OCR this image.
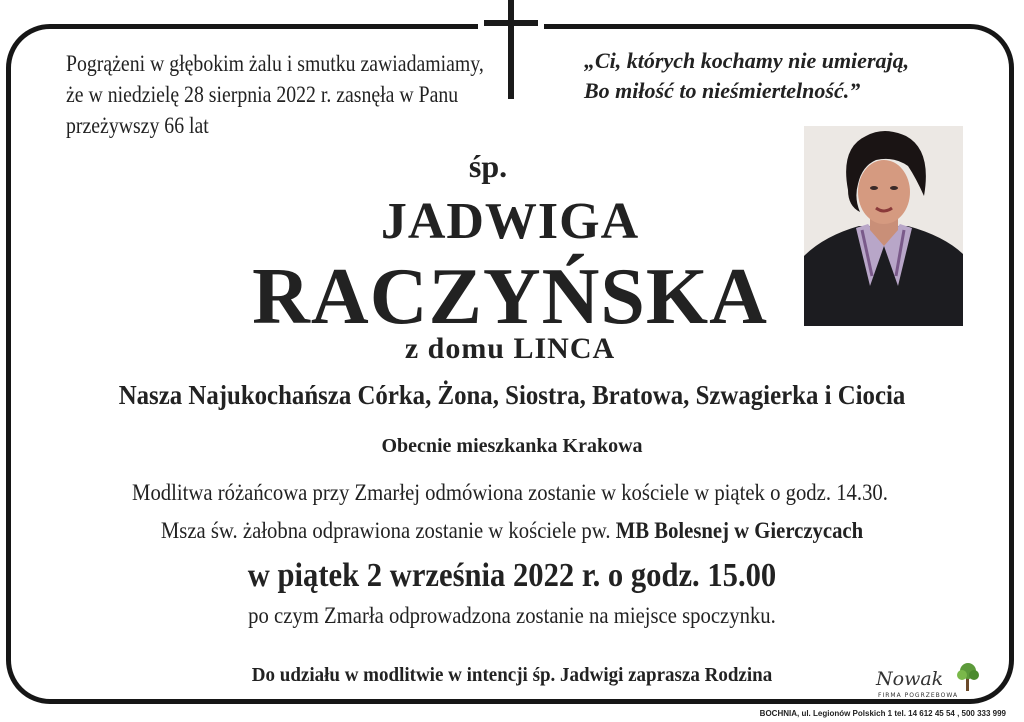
Pogrążeni w głębokim żalu i smutku zawiadamiamy,
że w niedzielę 28 sierpnia 2022 r. zasnęła w Panu
przeżywszy 66 lat
„Ci, których kochamy nie umierają,
Bo miłość to nieśmiertelność.”
śp.
JADWIGA
RACZYŃSKA
z domu LINCA
Nasza Najukochańsza Córka, Żona, Siostra, Bratowa, Szwagierka i Ciocia
Obecnie mieszkanka Krakowa
Modlitwa różańcowa przy Zmarłej odmówiona zostanie w kościele w piątek o godz. 14.30.
Msza św. żałobna odprawiona zostanie w kościele pw. MB Bolesnej w Gierczycach
w piątek 2 września 2022 r. o godz. 15.00
po czym Zmarła odprowadzona zostanie na miejsce spoczynku.
Do udziału w modlitwie w intencji śp. Jadwigi zaprasza Rodzina	Nowak
FIRMA POGRZEBOWA
BOCHNIA, ul. Legionów Polskich 1 tel. 14 612 45 54 , 500 333 999
